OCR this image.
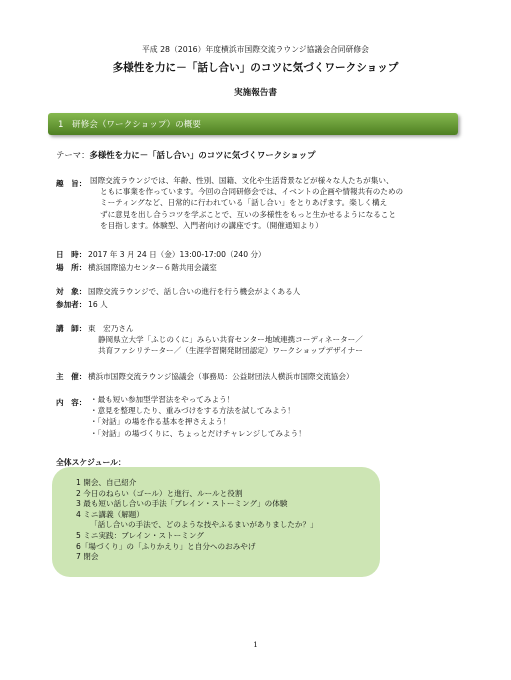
平成 28（2016）年度横浜市国際交流ラウンジ協議会合同研修会
多様性を力に－「話し合い」のコツに気づくワークショップ
実施報告書
1　研修会（ワークショップ）の概要
テーマ：多様性を力に－「話し合い」のコツに気づくワークショップ
趣　旨： 国際交流ラウンジでは、年齢、性別、国籍、文化や生活背景などが様々な人たちが集い、
ともに事業を作っています。今回の合同研修会では、イベントの企画や情報共有のための
ミーティングなど、日常的に行われている「話し合い」をとりあげます。楽しく構え
ずに意見を出し合うコツを学ぶことで、互いの多様性をもっと生かせるようになること
を目指します。体験型、入門者向けの講座です。（開催通知より）
日　時： 2017 年 3 月 24 日（金）13:00-17:00（240 分）
場　所： 横浜国際協力センター６階共用会議室
対　象： 国際交流ラウンジで、話し合いの進行を行う機会がよくある人
参加者： 16 人
講　師： 東　宏乃さん
静岡県立大学「ふじのくに」みらい共育センター地域連携コーディネーター／
共育ファシリテーター／（生涯学習開発財団認定）ワークショップデザイナー
主　催： 横浜市国際交流ラウンジ協議会（事務局：公益財団法人横浜市国際交流協会）
内　容： ・最も短い参加型学習法をやってみよう！
・意見を整理したり、重みづけをする方法を試してみよう！
・「対話」の場を作る基本を押さえよう！
・「対話」の場づくりに、ちょっとだけチャレンジしてみよう！
全体スケジュール：
1 開会、自己紹介
2 今日のねらい（ゴール）と進行、ルールと役割
3 最も短い話し合いの手法「ブレイン・ストーミング」の体験
4 ミニ講義（解題）
「話し合いの手法で、どのような技やふるまいがありましたか？」
5 ミニ実践：ブレイン・ストーミング
6「場づくり」の「ふりかえり」と自分へのおみやげ
7 閉会
1
